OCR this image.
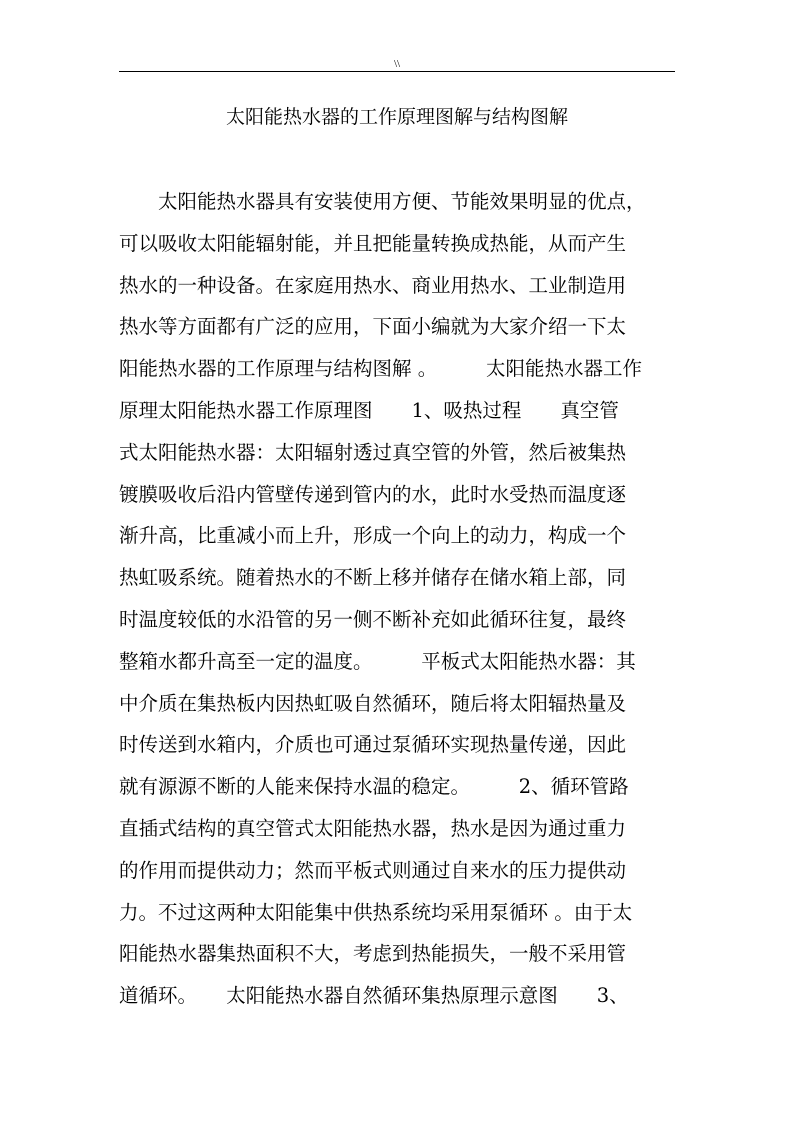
\\
太阳能热水器的工作原理图解与结构图解
　　太阳能热水器具有安装使用方便、节能效果明显的优点，
可以吸收太阳能辐射能，并且把能量转换成热能，从而产生
热水的一种设备。在家庭用热水、商业用热水、工业制造用
热水等方面都有广泛的应用，下面小编就为大家介绍一下太
阳能热水器的工作原理与结构图解 。　　　太阳能热水器工作
原理太阳能热水器工作原理图　　1、吸热过程　　真空管
式太阳能热水器：太阳辐射透过真空管的外管，然后被集热
镀膜吸收后沿内管壁传递到管内的水，此时水受热而温度逐
渐升高，比重减小而上升，形成一个向上的动力，构成一个
热虹吸系统。随着热水的不断上移并储存在储水箱上部，同
时温度较低的水沿管的另一侧不断补充如此循环往复，最终
整箱水都升高至一定的温度。　　　平板式太阳能热水器：其
中介质在集热板内因热虹吸自然循环，随后将太阳辐热量及
时传送到水箱内，介质也可通过泵循环实现热量传递，因此
就有源源不断的人能来保持水温的稳定。　　　2、循环管路
直插式结构的真空管式太阳能热水器，热水是因为通过重力
的作用而提供动力；然而平板式则通过自来水的压力提供动
力。不过这两种太阳能集中供热系统均采用泵循环 。由于太
阳能热水器集热面积不大，考虑到热能损失，一般不采用管
道循环。　　太阳能热水器自然循环集热原理示意图　　3、
